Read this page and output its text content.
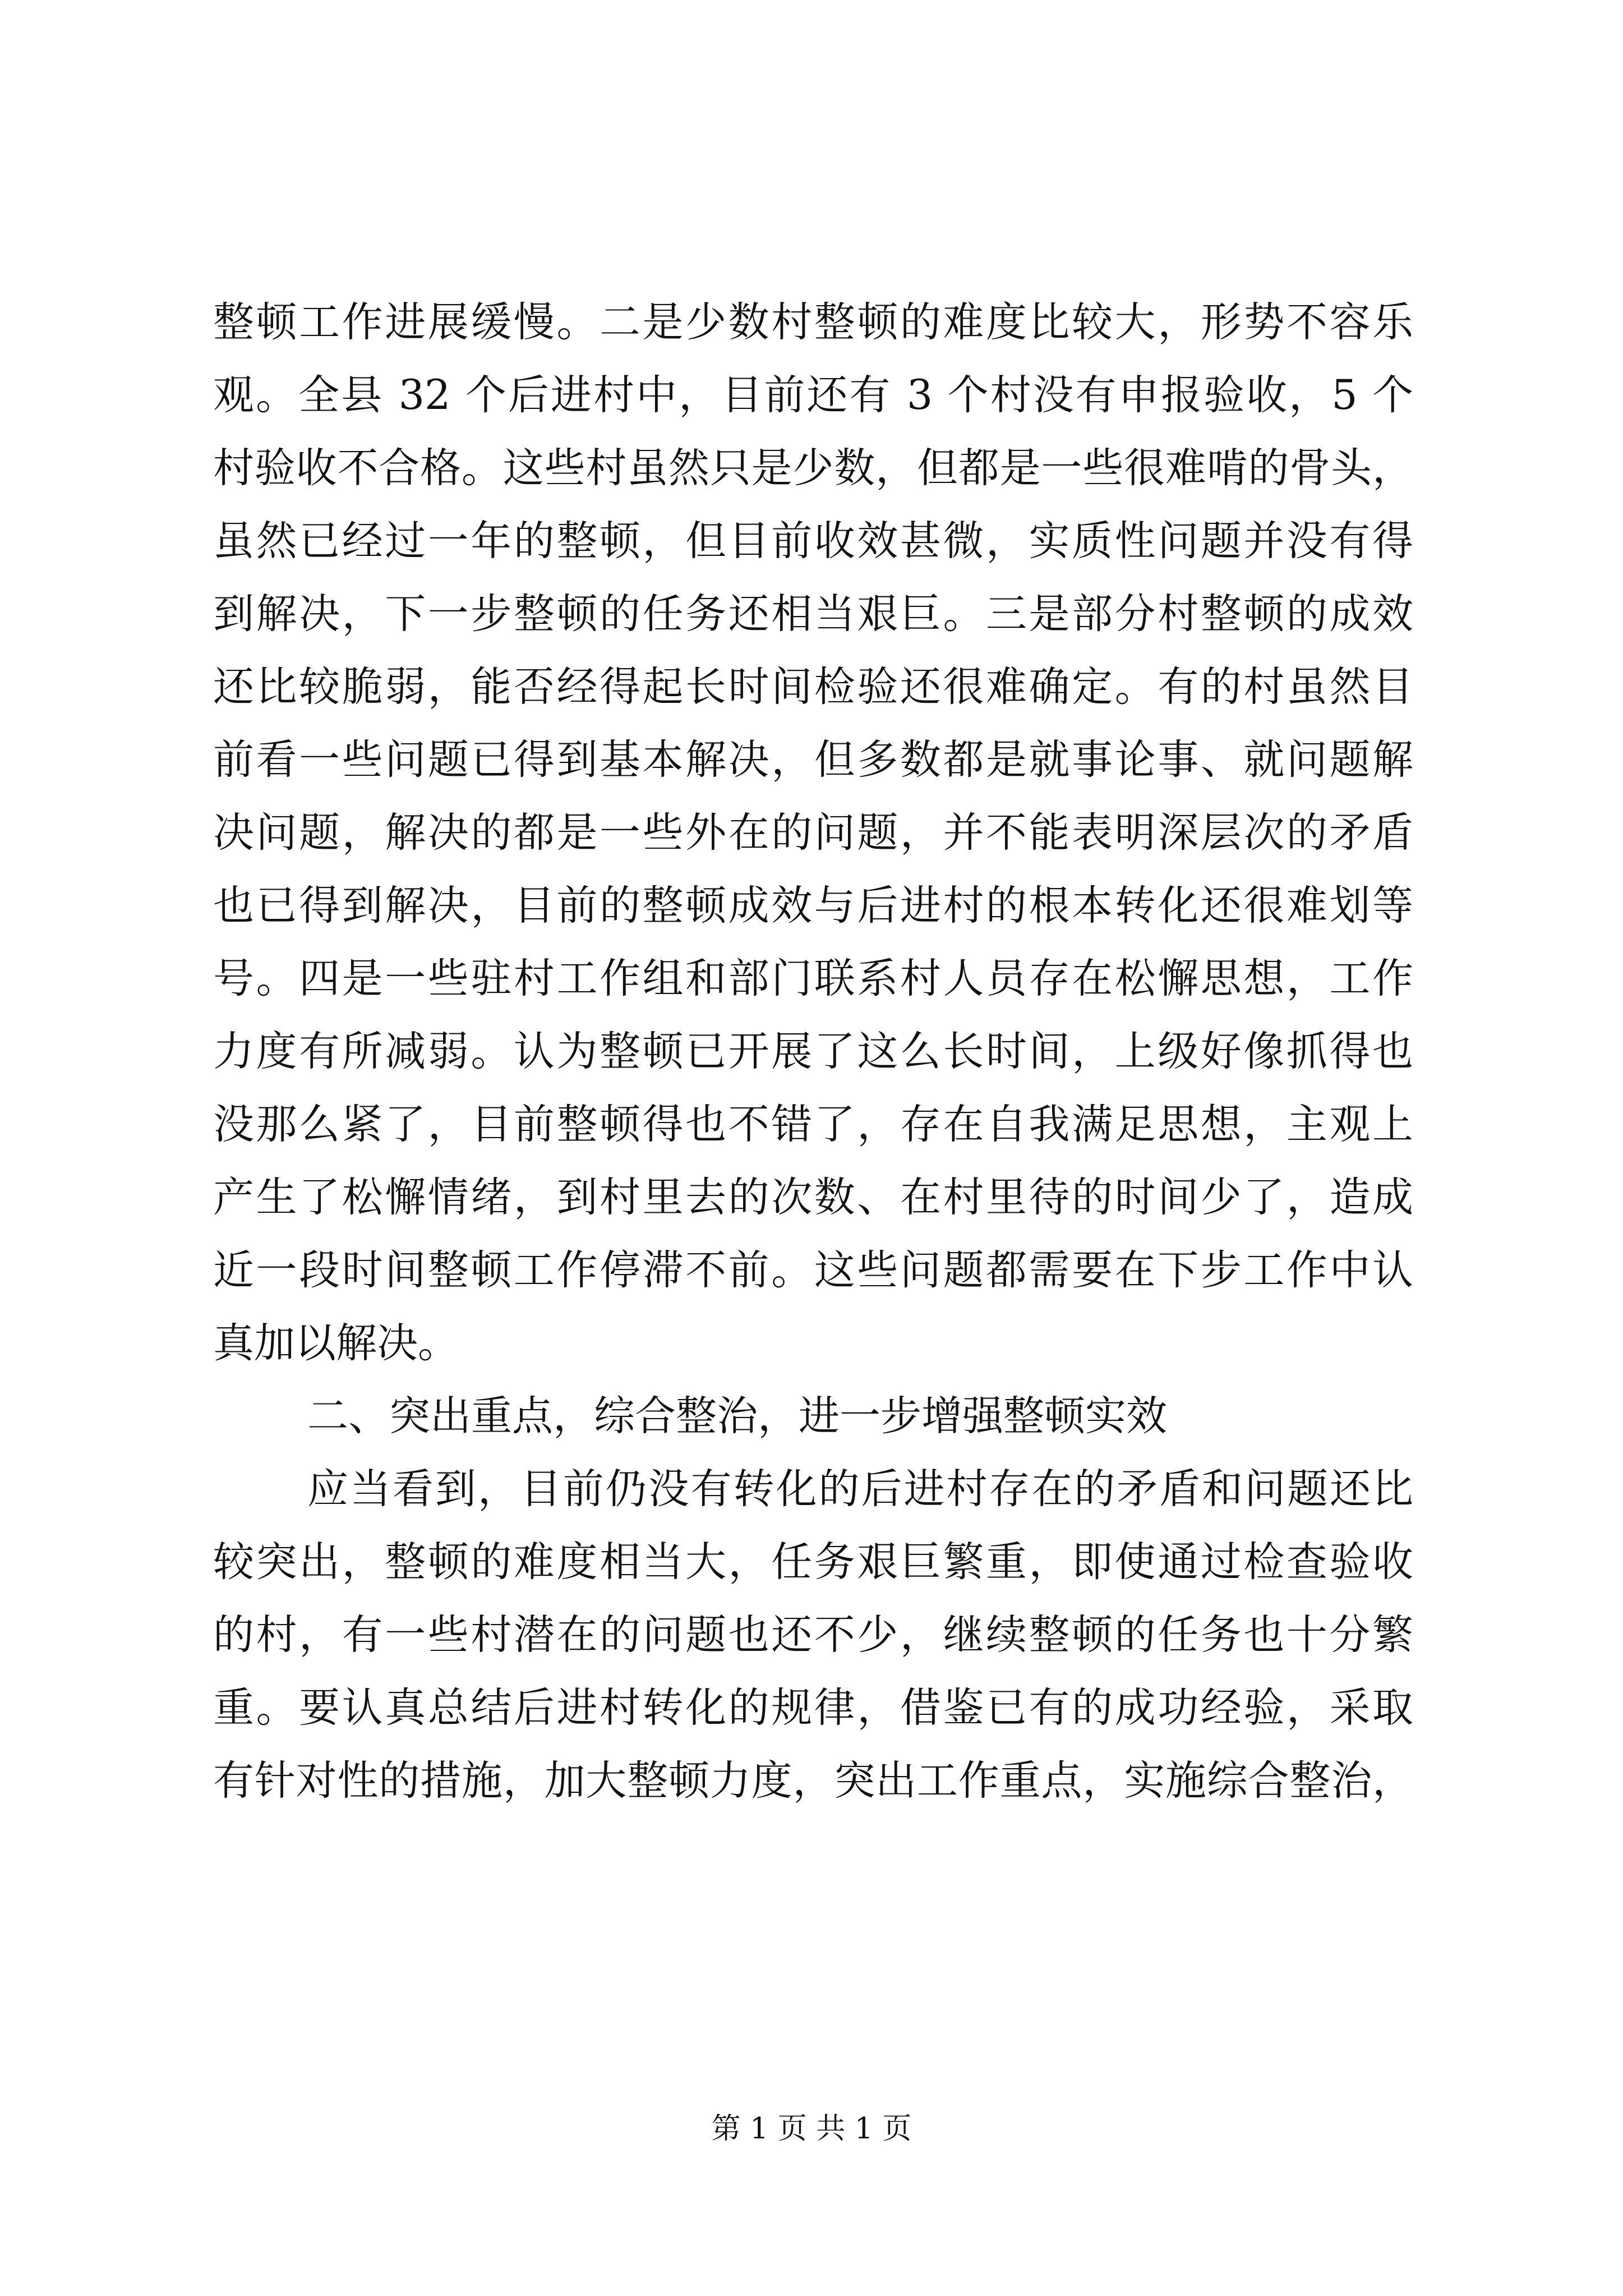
整顿工作进展缓慢。二是少数村整顿的难度比较大，形势不容乐
观。全县 32 个后进村中，目前还有 3 个村没有申报验收，5 个
村验收不合格。这些村虽然只是少数，但都是一些很难啃的骨头，
虽然已经过一年的整顿，但目前收效甚微，实质性问题并没有得
到解决，下一步整顿的任务还相当艰巨。三是部分村整顿的成效
还比较脆弱，能否经得起长时间检验还很难确定。有的村虽然目
前看一些问题已得到基本解决，但多数都是就事论事、就问题解
决问题，解决的都是一些外在的问题，并不能表明深层次的矛盾
也已得到解决，目前的整顿成效与后进村的根本转化还很难划等
号。四是一些驻村工作组和部门联系村人员存在松懈思想，工作
力度有所减弱。认为整顿已开展了这么长时间，上级好像抓得也
没那么紧了，目前整顿得也不错了，存在自我满足思想，主观上
产生了松懈情绪，到村里去的次数、在村里待的时间少了，造成
近一段时间整顿工作停滞不前。这些问题都需要在下步工作中认
真加以解决。
二、突出重点，综合整治，进一步增强整顿实效
应当看到，目前仍没有转化的后进村存在的矛盾和问题还比
较突出，整顿的难度相当大，任务艰巨繁重，即使通过检查验收
的村，有一些村潜在的问题也还不少，继续整顿的任务也十分繁
重。要认真总结后进村转化的规律，借鉴已有的成功经验，采取
有针对性的措施，加大整顿力度，突出工作重点，实施综合整治，
第 1 页 共 1 页
